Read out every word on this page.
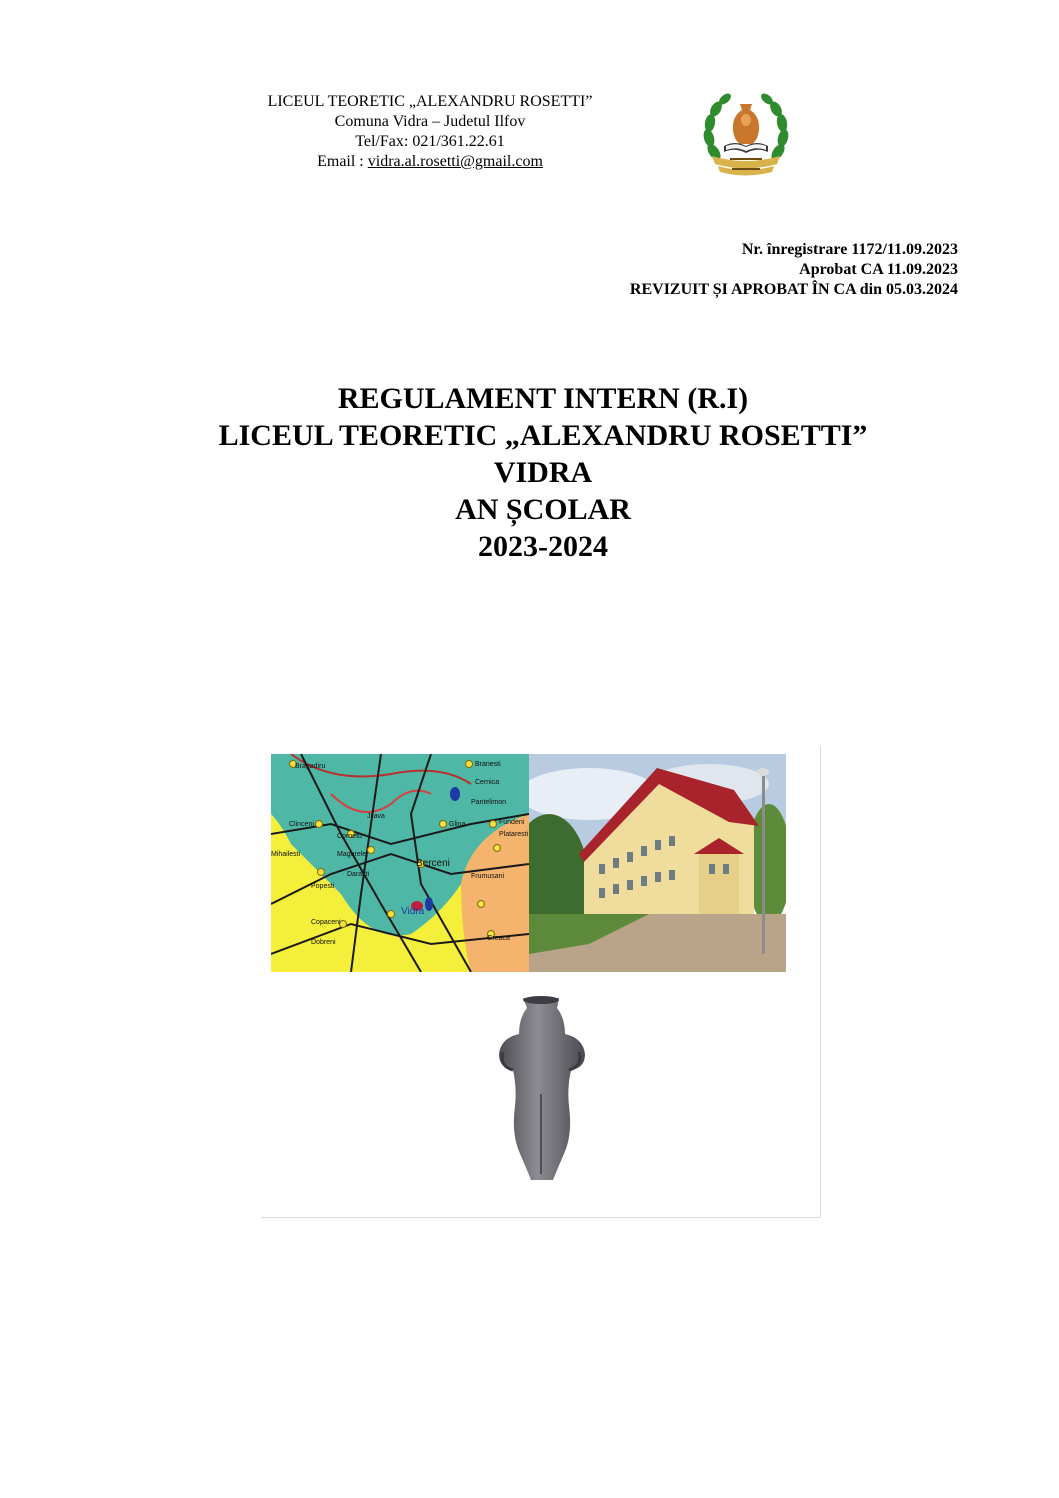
LICEUL TEORETIC „ALEXANDRU ROSETTI”
Comuna Vidra – Judetul Ilfov
Tel/Fax: 021/361.22.61
Email : vidra.al.rosetti@gmail.com
Nr. înregistrare 1172/11.09.2023
Aprobat CA 11.09.2023
REVIZUIT ȘI APROBAT ÎN CA din 05.03.2024
REGULAMENT INTERN (R.I)
LICEUL TEORETIC „ALEXANDRU ROSETTI”
VIDRA
AN ȘCOLAR
2023-2024
Bragadiru
Clinceni
Mihailesti	Magurele
Cornetu
Berceni
Vidra
Popesti
Glina
Cernica
Branesti
Pantelimon
Fundeni
Plataresti
Frumusani
Greaca
Jilava
Darasti
Dobreni
Copaceni
